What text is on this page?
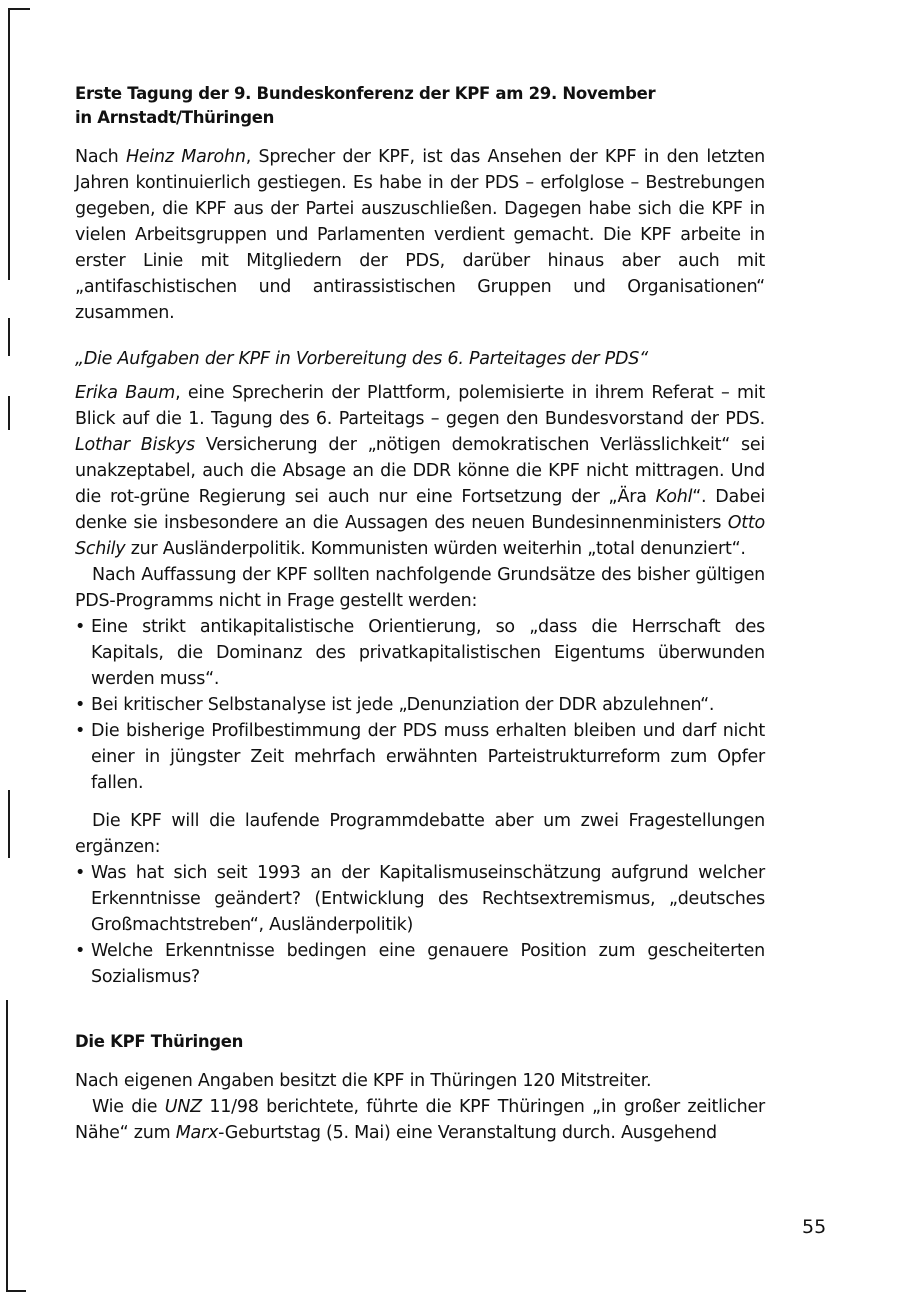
Erste Tagung der 9. Bundeskonferenz der KPF am 29. November
in Arnstadt/Thüringen

Nach Heinz Marohn, Sprecher der KPF, ist das Ansehen der KPF in den letzten Jahren kontinuierlich gestiegen. Es habe in der PDS – erfolglose – Bestrebungen gegeben, die KPF aus der Partei auszuschließen. Dagegen habe sich die KPF in vielen Arbeitsgruppen und Parlamenten verdient gemacht. Die KPF arbeite in erster Linie mit Mitgliedern der PDS, darüber hinaus aber auch mit „antifaschistischen und antirassistischen Gruppen und Organisationen“ zusammen.

„Die Aufgaben der KPF in Vorbereitung des 6. Parteitages der PDS“

Erika Baum, eine Sprecherin der Plattform, polemisierte in ihrem Referat – mit Blick auf die 1. Tagung des 6. Parteitags – gegen den Bundesvorstand der PDS. Lothar Biskys Versicherung der „nötigen demokratischen Verlässlichkeit“ sei unakzeptabel, auch die Absage an die DDR könne die KPF nicht mittragen. Und die rot-grüne Regierung sei auch nur eine Fortsetzung der „Ära Kohl“. Dabei denke sie insbesondere an die Aussagen des neuen Bundesinnenministers Otto Schily zur Ausländerpolitik. Kommunisten würden weiterhin „total denunziert“.

Nach Auffassung der KPF sollten nachfolgende Grundsätze des bisher gültigen PDS-Programms nicht in Frage gestellt werden:

• Eine strikt antikapitalistische Orientierung, so „dass die Herrschaft des Kapitals, die Dominanz des privatkapitalistischen Eigentums überwunden werden muss“.
• Bei kritischer Selbstanalyse ist jede „Denunziation der DDR abzulehnen“.
• Die bisherige Profilbestimmung der PDS muss erhalten bleiben und darf nicht einer in jüngster Zeit mehrfach erwähnten Parteistrukturreform zum Opfer fallen.

Die KPF will die laufende Programmdebatte aber um zwei Fragestellungen ergänzen:

• Was hat sich seit 1993 an der Kapitalismuseinschätzung aufgrund welcher Erkenntnisse geändert? (Entwicklung des Rechtsextremismus, „deutsches Großmachtstreben“, Ausländerpolitik)
• Welche Erkenntnisse bedingen eine genauere Position zum gescheiterten Sozialismus?

Die KPF Thüringen

Nach eigenen Angaben besitzt die KPF in Thüringen 120 Mitstreiter.

Wie die UNZ 11/98 berichtete, führte die KPF Thüringen „in großer zeitlicher Nähe“ zum Marx-Geburtstag (5. Mai) eine Veranstaltung durch. Ausgehend

55
